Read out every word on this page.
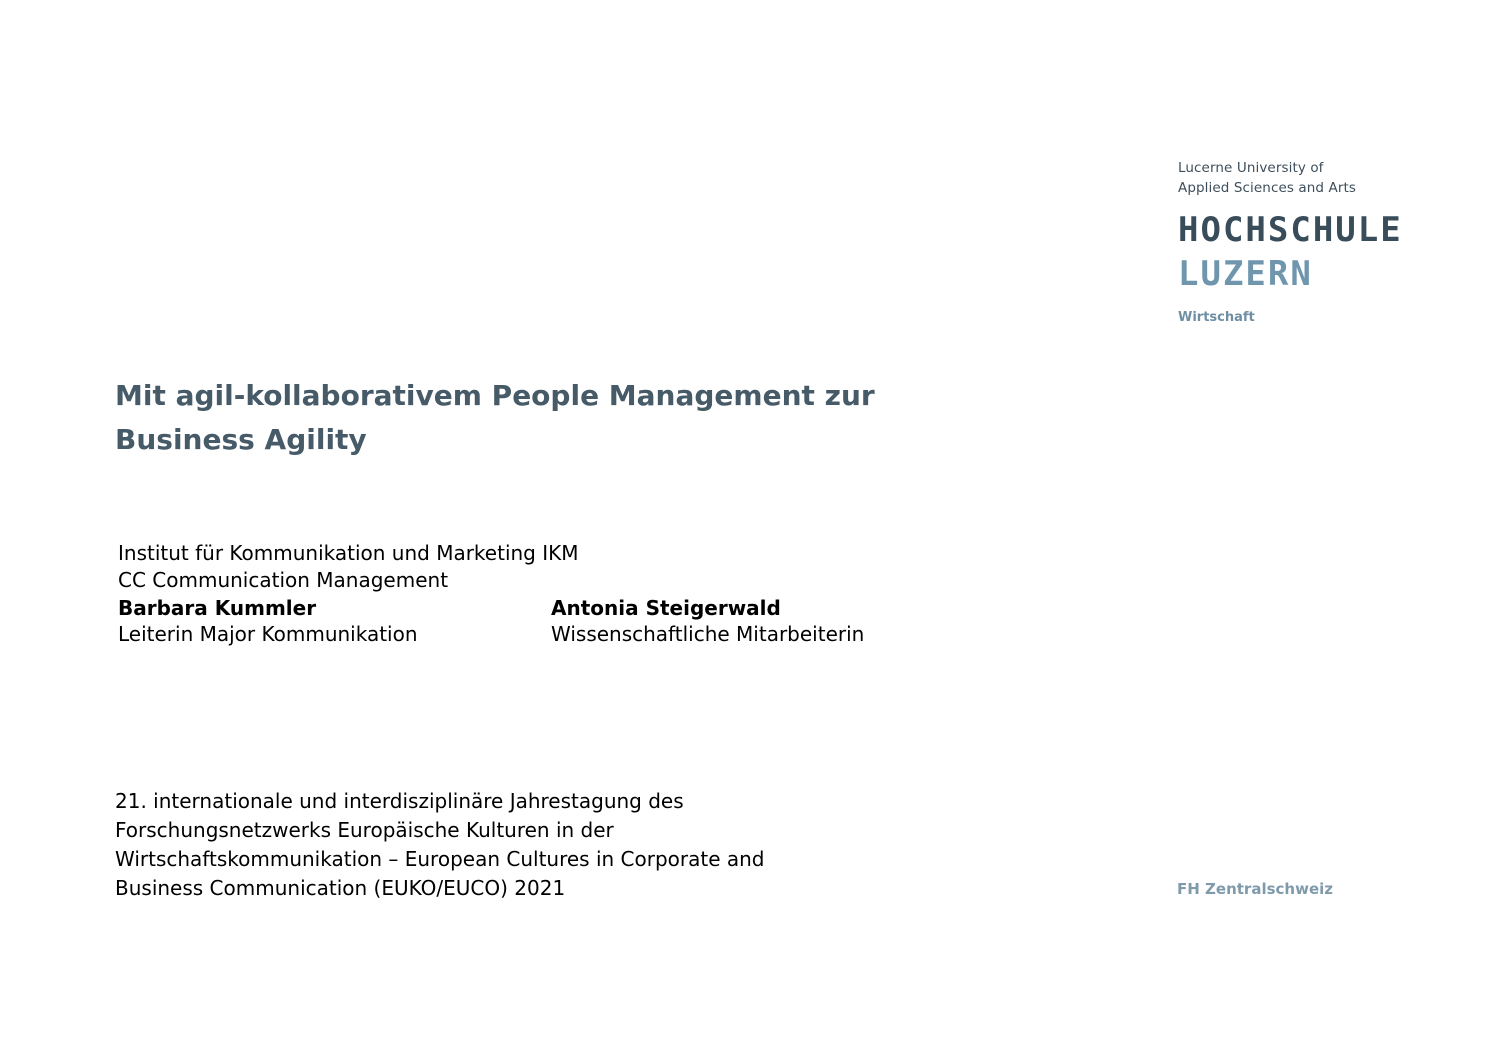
Lucerne University of
Applied Sciences and Arts
HOCHSCHULE
LUZERN
Wirtschaft
Mit agil-kollaborativem People Management zur
Business Agility
Institut für Kommunikation und Marketing IKM
CC Communication Management
Barbara Kummler
Leiterin Major Kommunikation
Antonia Steigerwald
Wissenschaftliche Mitarbeiterin
21. internationale und interdisziplinäre Jahrestagung des
Forschungsnetzwerks Europäische Kulturen in der
Wirtschaftskommunikation – European Cultures in Corporate and
Business Communication (EUKO/EUCO) 2021	FH Zentralschweiz
